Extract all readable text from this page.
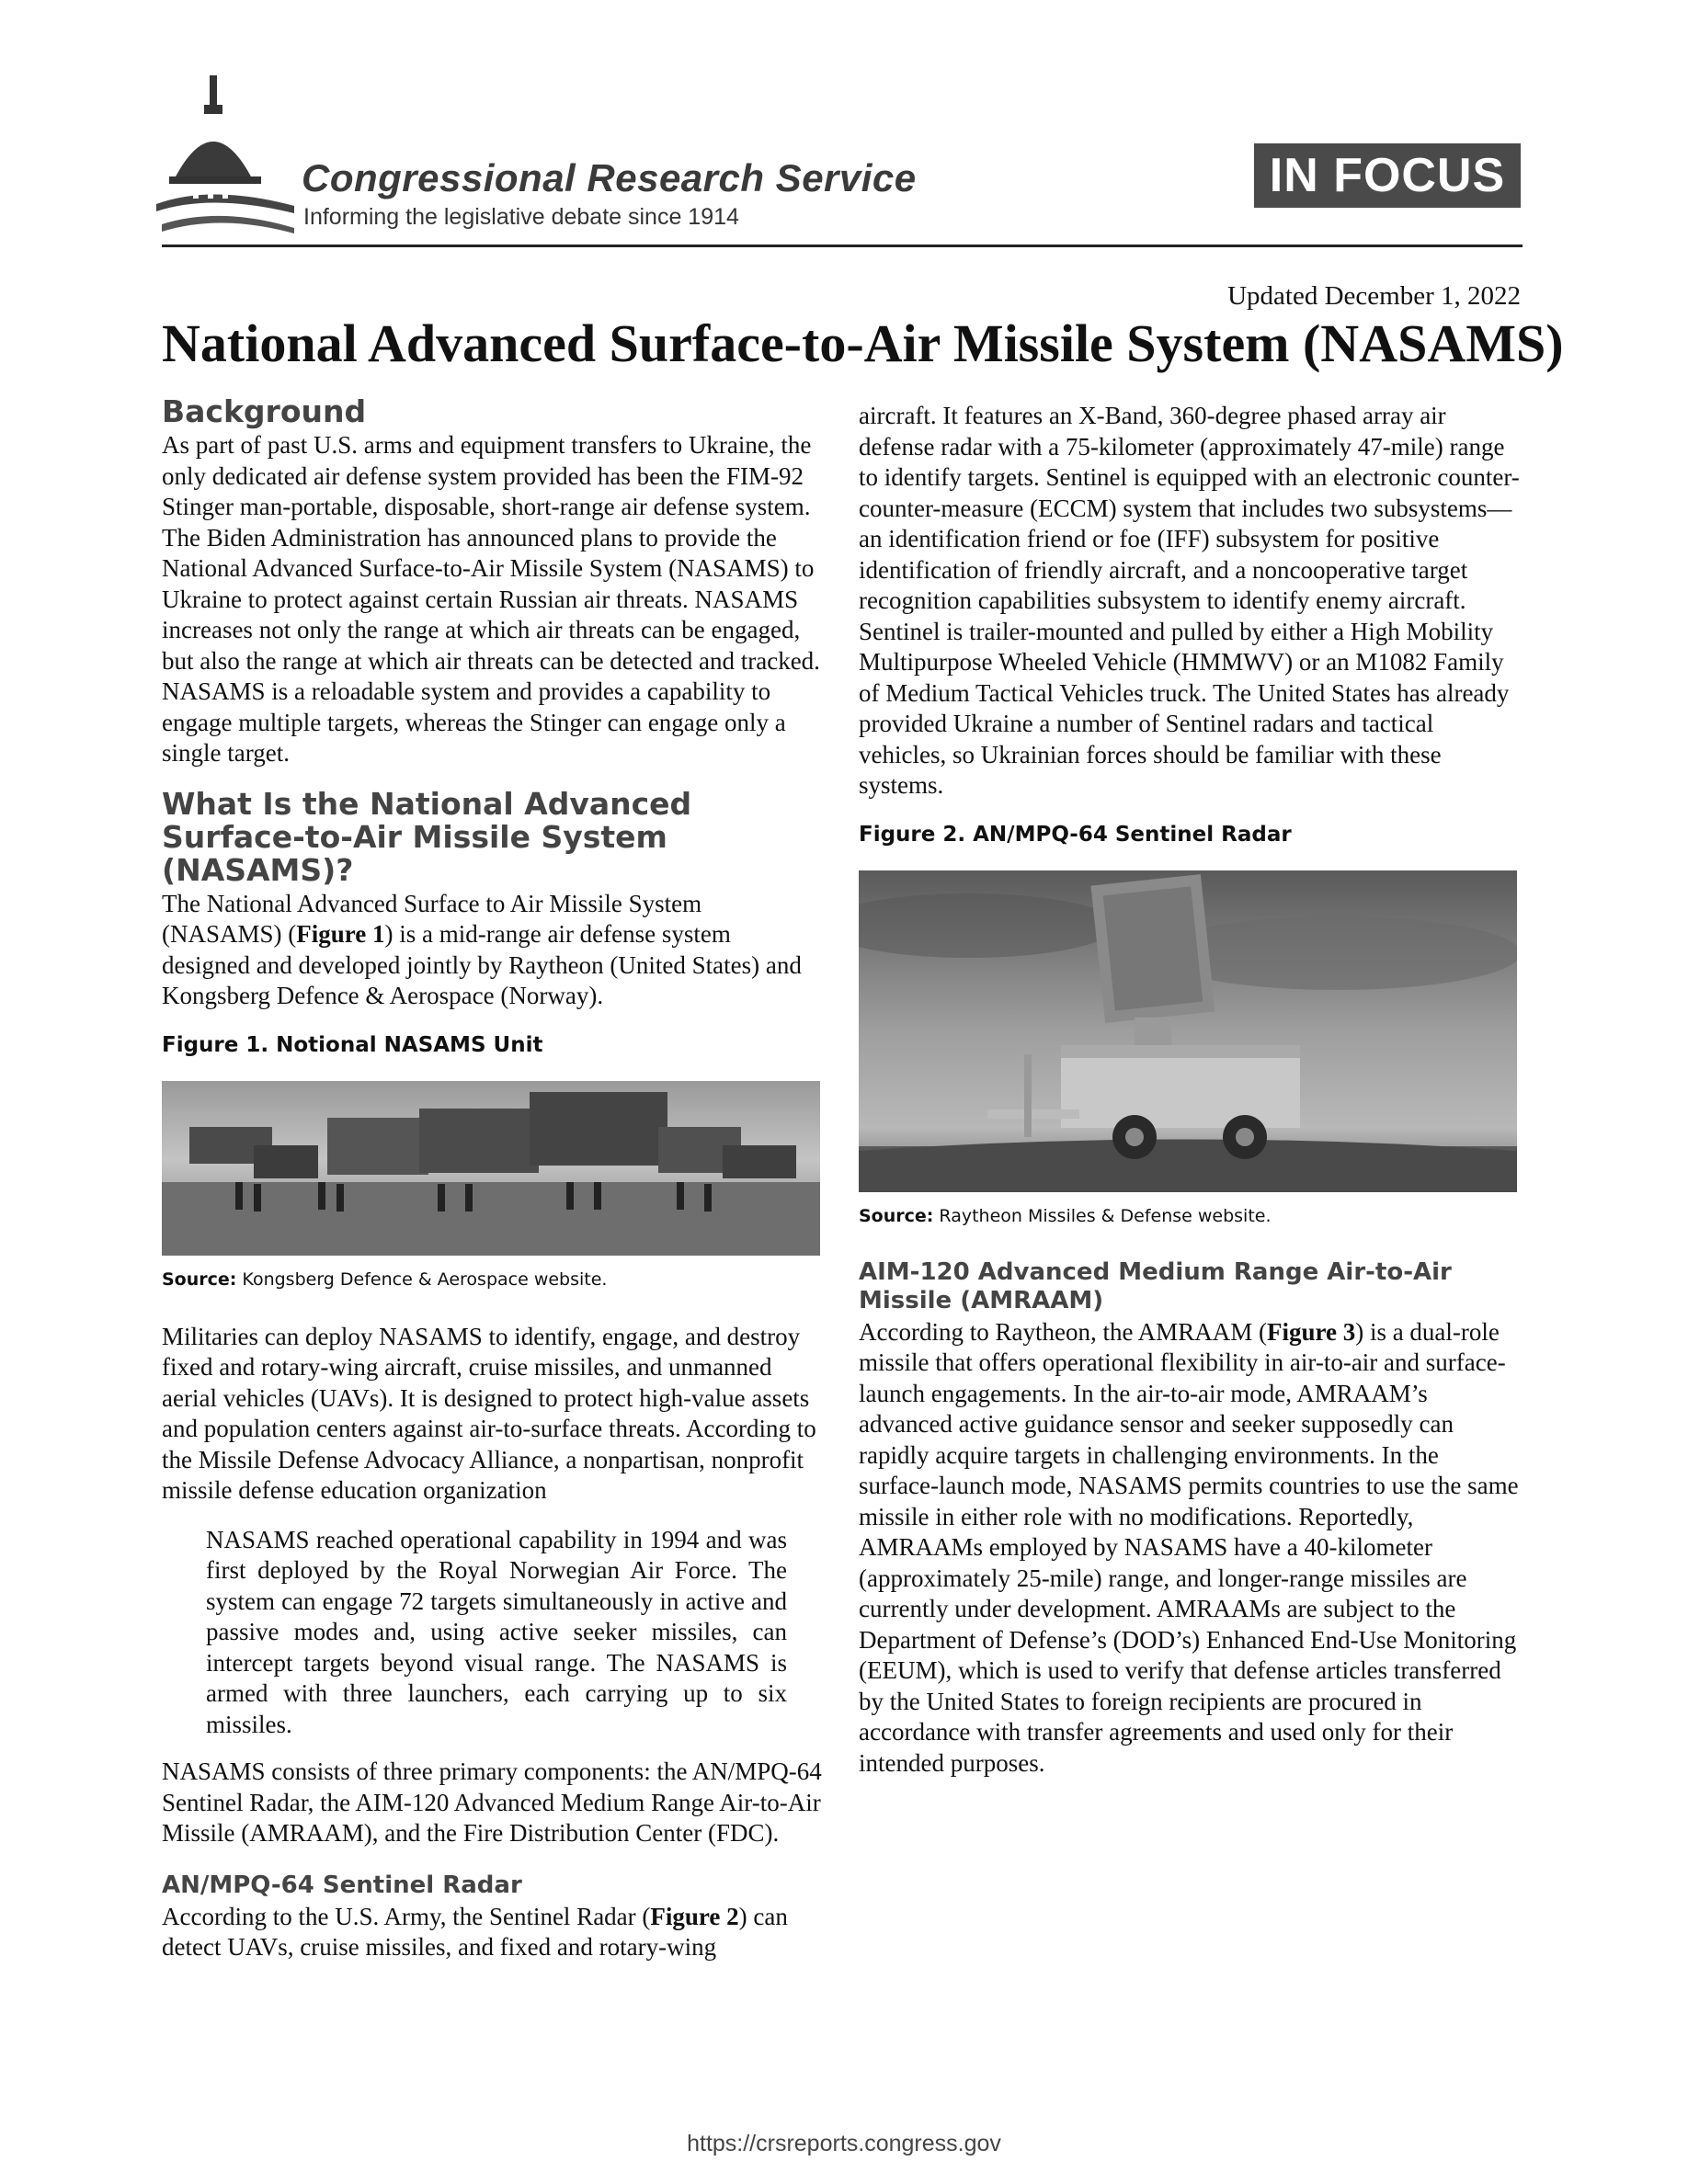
Congressional Research Service
Informing the legislative debate since 1914
IN FOCUS
Updated December 1, 2022
National Advanced Surface-to-Air Missile System (NASAMS)
Background

As part of past U.S. arms and equipment transfers to Ukraine, the only dedicated air defense system provided has been the FIM-92 Stinger man-portable, disposable, short-range air defense system. The Biden Administration has announced plans to provide the National Advanced Surface-to-Air Missile System (NASAMS) to Ukraine to protect against certain Russian air threats. NASAMS increases not only the range at which air threats can be engaged, but also the range at which air threats can be detected and tracked. NASAMS is a reloadable system and provides a capability to engage multiple targets, whereas the Stinger can engage only a single target.

What Is the National Advanced Surface-to-Air Missile System (NASAMS)?

The National Advanced Surface to Air Missile System (NASAMS) (Figure 1) is a mid-range air defense system designed and developed jointly by Raytheon (United States) and Kongsberg Defence & Aerospace (Norway).

Figure 1. Notional NASAMS Unit
Source: Kongsberg Defence & Aerospace website.

Militaries can deploy NASAMS to identify, engage, and destroy fixed and rotary-wing aircraft, cruise missiles, and unmanned aerial vehicles (UAVs). It is designed to protect high-value assets and population centers against air-to-surface threats. According to the Missile Defense Advocacy Alliance, a nonpartisan, nonprofit missile defense education organization

NASAMS reached operational capability in 1994 and was first deployed by the Royal Norwegian Air Force. The system can engage 72 targets simultaneously in active and passive modes and, using active seeker missiles, can intercept targets beyond visual range. The NASAMS is armed with three launchers, each carrying up to six missiles.

NASAMS consists of three primary components: the AN/MPQ-64 Sentinel Radar, the AIM-120 Advanced Medium Range Air-to-Air Missile (AMRAAM), and the Fire Distribution Center (FDC).

AN/MPQ-64 Sentinel Radar

According to the U.S. Army, the Sentinel Radar (Figure 2) can detect UAVs, cruise missiles, and fixed and rotary-wing

aircraft. It features an X-Band, 360-degree phased array air defense radar with a 75-kilometer (approximately 47-mile) range to identify targets. Sentinel is equipped with an electronic counter-counter-measure (ECCM) system that includes two subsystems—an identification friend or foe (IFF) subsystem for positive identification of friendly aircraft, and a noncooperative target recognition capabilities subsystem to identify enemy aircraft. Sentinel is trailer-mounted and pulled by either a High Mobility Multipurpose Wheeled Vehicle (HMMWV) or an M1082 Family of Medium Tactical Vehicles truck. The United States has already provided Ukraine a number of Sentinel radars and tactical vehicles, so Ukrainian forces should be familiar with these systems.

Figure 2. AN/MPQ-64 Sentinel Radar
Source: Raytheon Missiles & Defense website.
AIM-120 Advanced Medium Range Air-to-Air Missile (AMRAAM)

According to Raytheon, the AMRAAM (Figure 3) is a dual-role missile that offers operational flexibility in air-to-air and surface-launch engagements. In the air-to-air mode, AMRAAM’s advanced active guidance sensor and seeker supposedly can rapidly acquire targets in challenging environments. In the surface-launch mode, NASAMS permits countries to use the same missile in either role with no modifications. Reportedly, AMRAAMs employed by NASAMS have a 40-kilometer (approximately 25-mile) range, and longer-range missiles are currently under development. AMRAAMs are subject to the Department of Defense’s (DOD’s) Enhanced End-Use Monitoring (EEUM), which is used to verify that defense articles transferred by the United States to foreign recipients are procured in accordance with transfer agreements and used only for their intended purposes.

https://crsreports.congress.gov
